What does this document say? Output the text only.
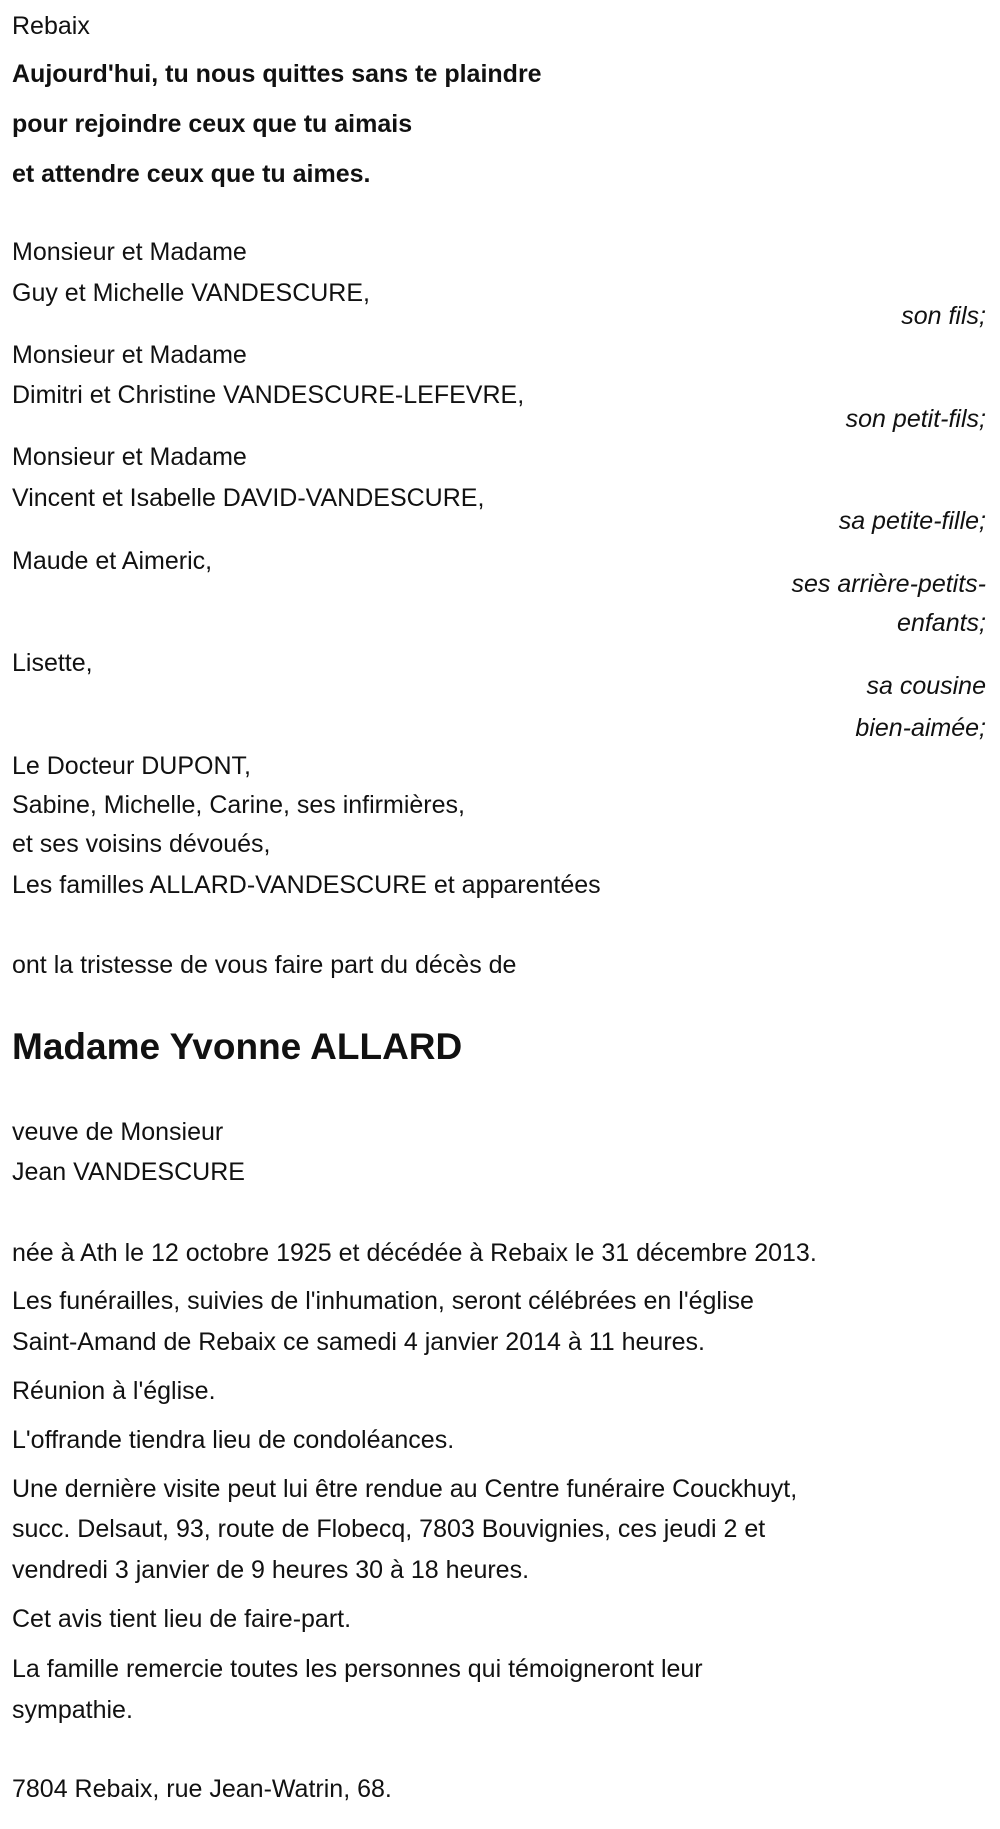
Rebaix
Aujourd'hui, tu nous quittes sans te plaindre
pour rejoindre ceux que tu aimais
et attendre ceux que tu aimes.
Monsieur et Madame
Guy et Michelle VANDESCURE,
son fils;
Monsieur et Madame
Dimitri et Christine VANDESCURE-LEFEVRE,
son petit-fils;
Monsieur et Madame
Vincent et Isabelle DAVID-VANDESCURE,
sa petite-fille;
Maude et Aimeric,
ses arrière-petits-
enfants;
Lisette,
sa cousine
bien-aimée;
Le Docteur DUPONT,
Sabine, Michelle, Carine, ses infirmières,
et ses voisins dévoués,
Les familles ALLARD-VANDESCURE et apparentées
ont la tristesse de vous faire part du décès de
Madame Yvonne ALLARD
veuve de Monsieur
Jean VANDESCURE
née à Ath le 12 octobre 1925 et décédée à Rebaix le 31 décembre 2013.
Les funérailles, suivies de l'inhumation, seront célébrées en l'église
Saint-Amand de Rebaix ce samedi 4 janvier 2014 à 11 heures.
Réunion à l'église.
L'offrande tiendra lieu de condoléances.
Une dernière visite peut lui être rendue au Centre funéraire Couckhuyt,
succ. Delsaut, 93, route de Flobecq, 7803 Bouvignies, ces jeudi 2 et
vendredi 3 janvier de 9 heures 30 à 18 heures.
Cet avis tient lieu de faire-part.
La famille remercie toutes les personnes qui témoigneront leur
sympathie.
7804 Rebaix, rue Jean-Watrin, 68.
